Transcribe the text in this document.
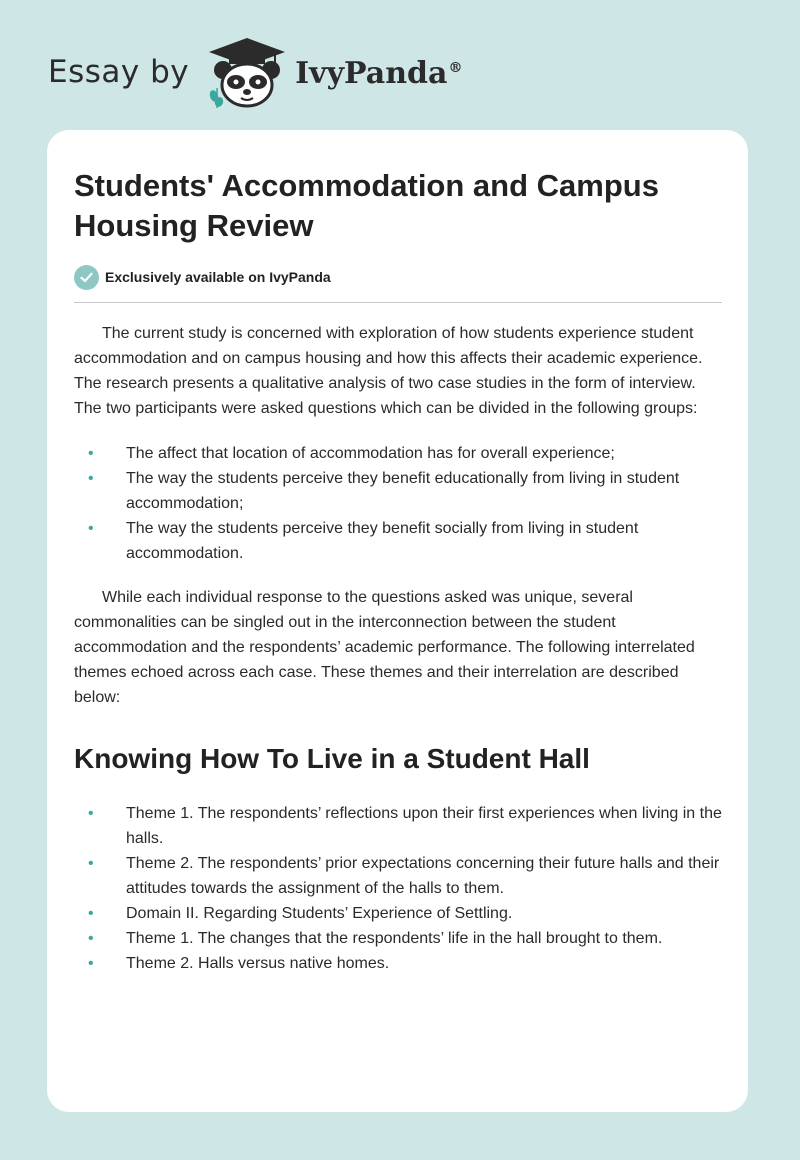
Essay by	IvyPanda®
Students' Accommodation and Campus Housing Review
Exclusively available on IvyPanda

The current study is concerned with exploration of how students experience student accommodation and on campus housing and how this affects their academic experience. The research presents a qualitative analysis of two case studies in the form of interview. The two participants were asked questions which can be divided in the following groups:

• The affect that location of accommodation has for overall experience;
• The way the students perceive they benefit educationally from living in student accommodation;
• The way the students perceive they benefit socially from living in student accommodation.

While each individual response to the questions asked was unique, several commonalities can be singled out in the interconnection between the student accommodation and the respondents’ academic performance. The following interrelated themes echoed across each case. These themes and their interrelation are described below:

Knowing How To Live in a Student Hall
• Theme 1. The respondents’ reflections upon their first experiences when living in the halls.
• Theme 2. The respondents’ prior expectations concerning their future halls and their attitudes towards the assignment of the halls to them.
• Domain II. Regarding Students’ Experience of Settling.
• Theme 1. The changes that the respondents’ life in the hall brought to them.
• Theme 2. Halls versus native homes.
